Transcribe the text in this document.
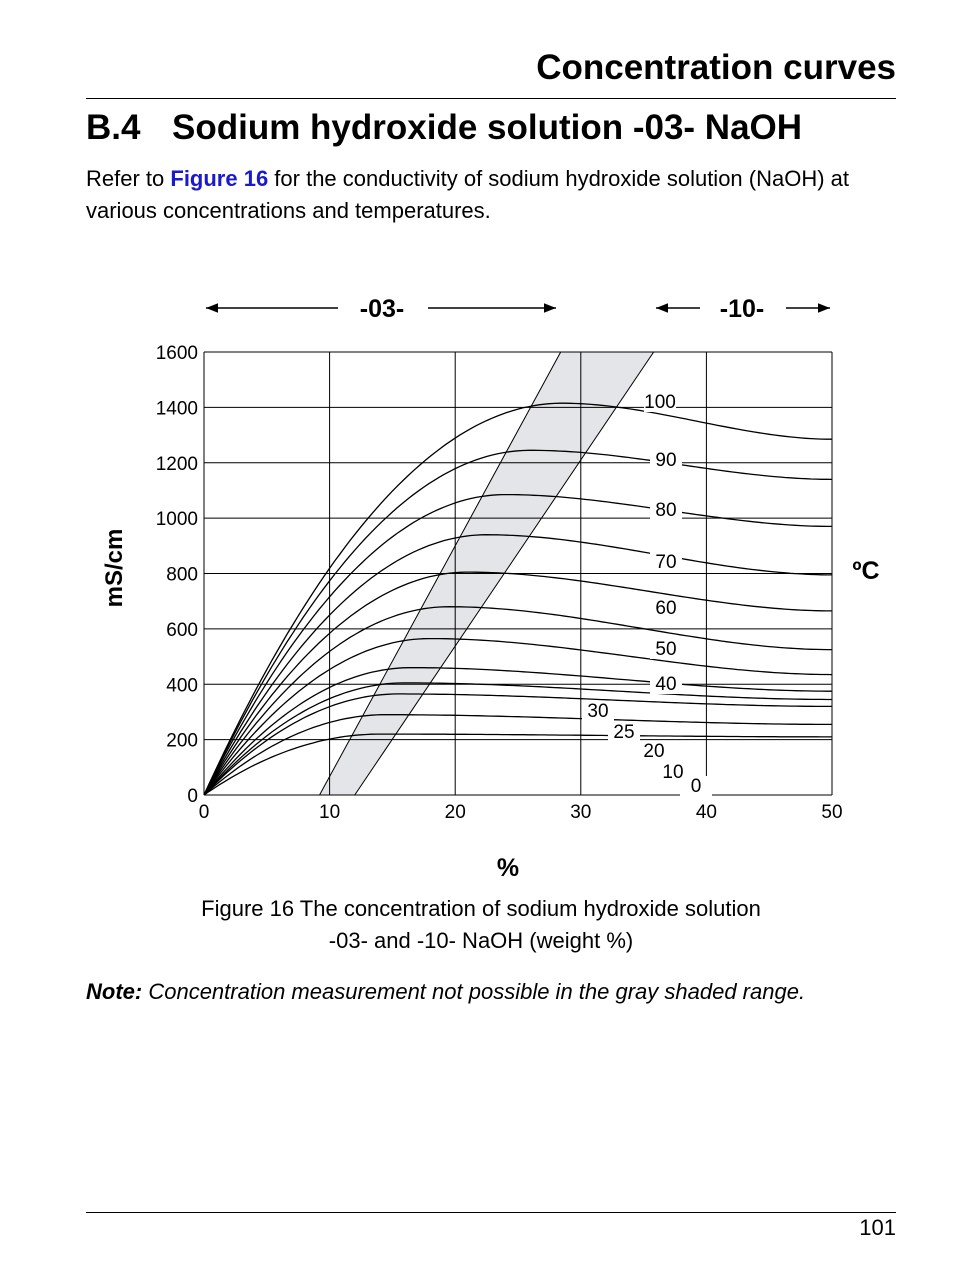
Concentration curves
B.4 Sodium hydroxide solution -03- NaOH
Refer to Figure 16 for the conductivity of sodium hydroxide solution (NaOH) at various concentrations and temperatures.
-03-	-10-
0	10	20	30	40	50
0
200
400
600
800
1000
1200
1400
1600
0
10
20
25
30
40
50
60
70
80
90
100
mS/cm
%
ºC
Figure 16 The concentration of sodium hydroxide solution
-03- and -10- NaOH (weight %)
Note: Concentration measurement not possible in the gray shaded range.
101
